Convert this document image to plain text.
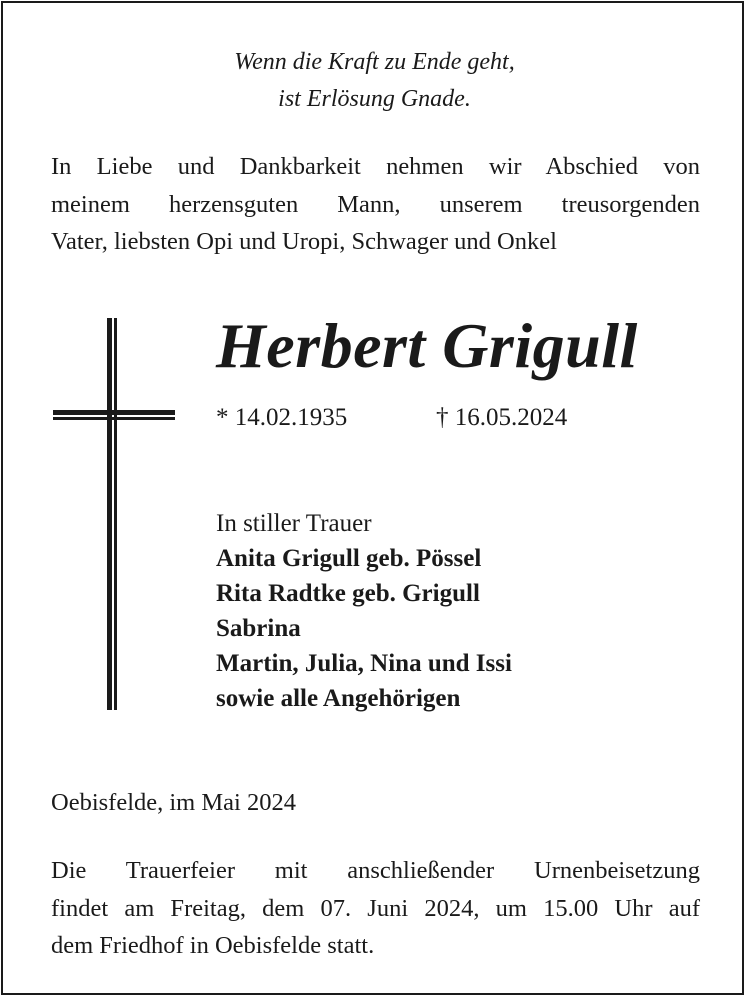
Wenn die Kraft zu Ende geht,
ist Erlösung Gnade.
In Liebe und Dankbarkeit nehmen wir Abschied von
meinem herzensguten Mann, unserem treusorgenden
Vater, liebsten Opi und Uropi, Schwager und Onkel
Herbert Grigull
* 14.02.1935	† 16.05.2024
In stiller Trauer
Anita Grigull geb. Pössel
Rita Radtke geb. Grigull
Sabrina
Martin, Julia, Nina und Issi
sowie alle Angehörigen
Oebisfelde, im Mai 2024
Die Trauerfeier mit anschließender Urnenbeisetzung
findet am Freitag, dem 07. Juni 2024, um 15.00 Uhr auf
dem Friedhof in Oebisfelde statt.
